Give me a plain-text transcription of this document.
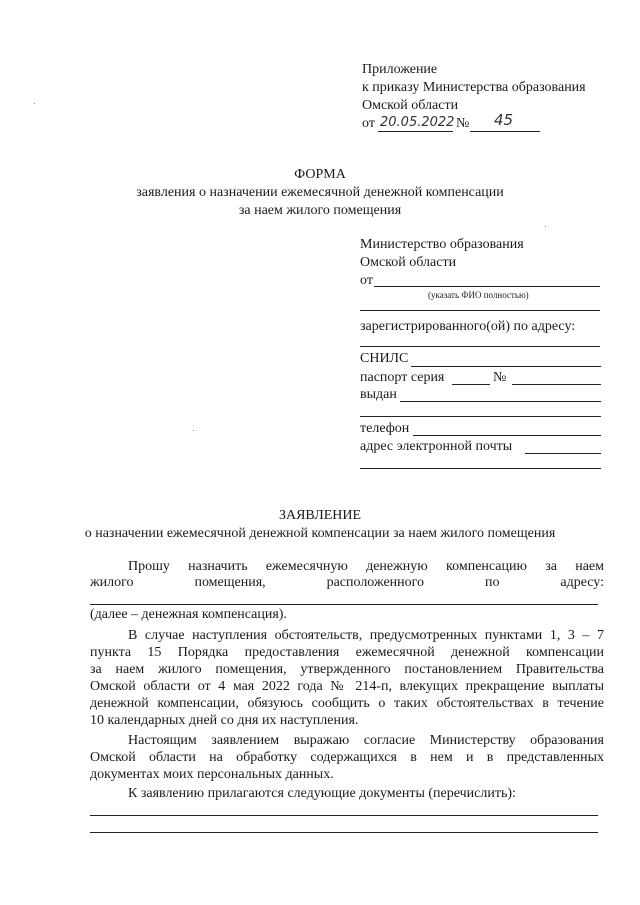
Приложение
к приказу Министерства образования
Омской области
от 20.05.2022 № 45
ФОРМА
заявления о назначении ежемесячной денежной компенсации
за наем жилого помещения
Министерство образования
Омской области
от
(указать ФИО полностью)
зарегистрированного(ой) по адресу:
СНИЛС
паспорт серия	№
выдан
телефон
адрес электронной почты
ЗАЯВЛЕНИЕ
о назначении ежемесячной денежной компенсации за наем жилого помещения
Прошу назначить ежемесячную денежную компенсацию за наем
жилого помещения, расположенного по адресу:
(далее – денежная компенсация).
В случае наступления обстоятельств, предусмотренных пунктами 1, 3 – 7
пункта 15 Порядка предоставления ежемесячной денежной компенсации
за наем жилого помещения, утвержденного постановлением Правительства
Омской области от 4 мая 2022 года № 214-п, влекущих прекращение выплаты
денежной компенсации, обязуюсь сообщить о таких обстоятельствах в течение
10 календарных дней со дня их наступления.
Настоящим заявлением выражаю согласие Министерству образования
Омской области на обработку содержащихся в нем и в представленных
документах моих персональных данных.
К заявлению прилагаются следующие документы (перечислить):
